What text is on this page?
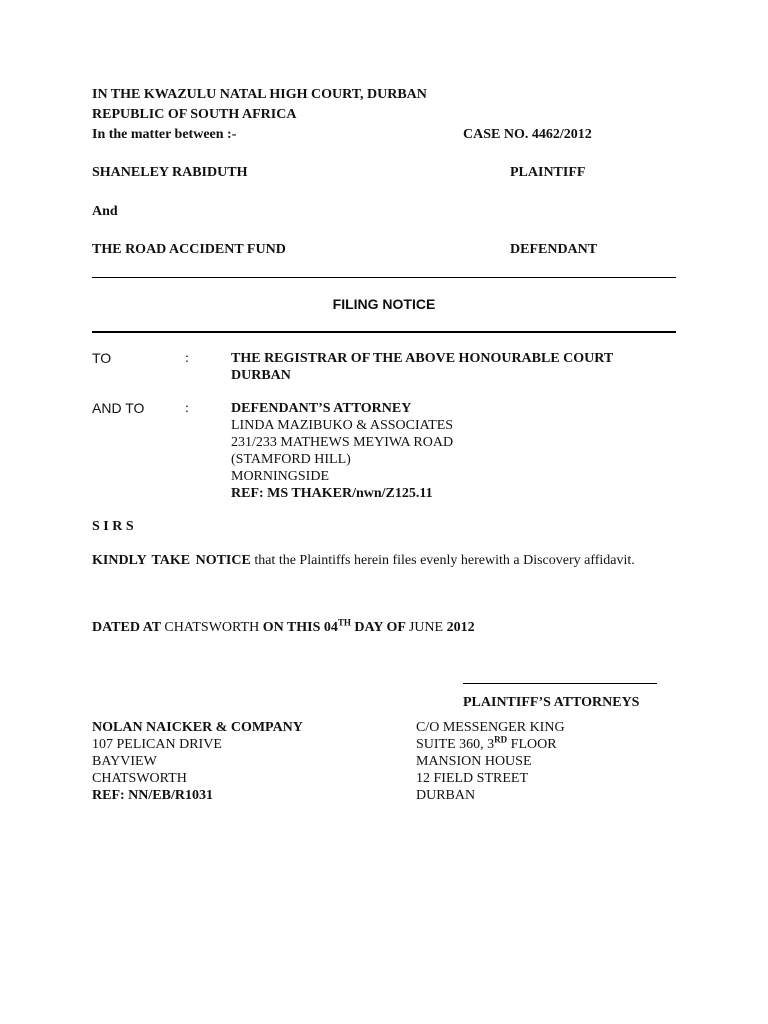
IN THE KWAZULU NATAL HIGH COURT, DURBAN
REPUBLIC OF SOUTH AFRICA
In the matter between :-	CASE NO. 4462/2012
SHANELEY RABIDUTH	PLAINTIFF
And
THE ROAD ACCIDENT FUND	DEFENDANT
FILING NOTICE
TO	:	THE REGISTRAR OF THE ABOVE HONOURABLE COURT
DURBAN
AND TO	:	DEFENDANT’S ATTORNEY
LINDA MAZIBUKO & ASSOCIATES
231/233 MATHEWS MEYIWA ROAD
(STAMFORD HILL)
MORNINGSIDE
REF: MS THAKER/nwn/Z125.11
S I R S
KINDLY TAKE NOTICE that the Plaintiffs herein files evenly herewith a Discovery affidavit.
DATED AT CHATSWORTH ON THIS 04TH DAY OF JUNE 2012
PLAINTIFF’S ATTORNEYS
NOLAN NAICKER & COMPANY
107 PELICAN DRIVE
BAYVIEW
CHATSWORTH
REF: NN/EB/R1031
C/O MESSENGER KING
SUITE 360, 3RD FLOOR
MANSION HOUSE
12 FIELD STREET
DURBAN
